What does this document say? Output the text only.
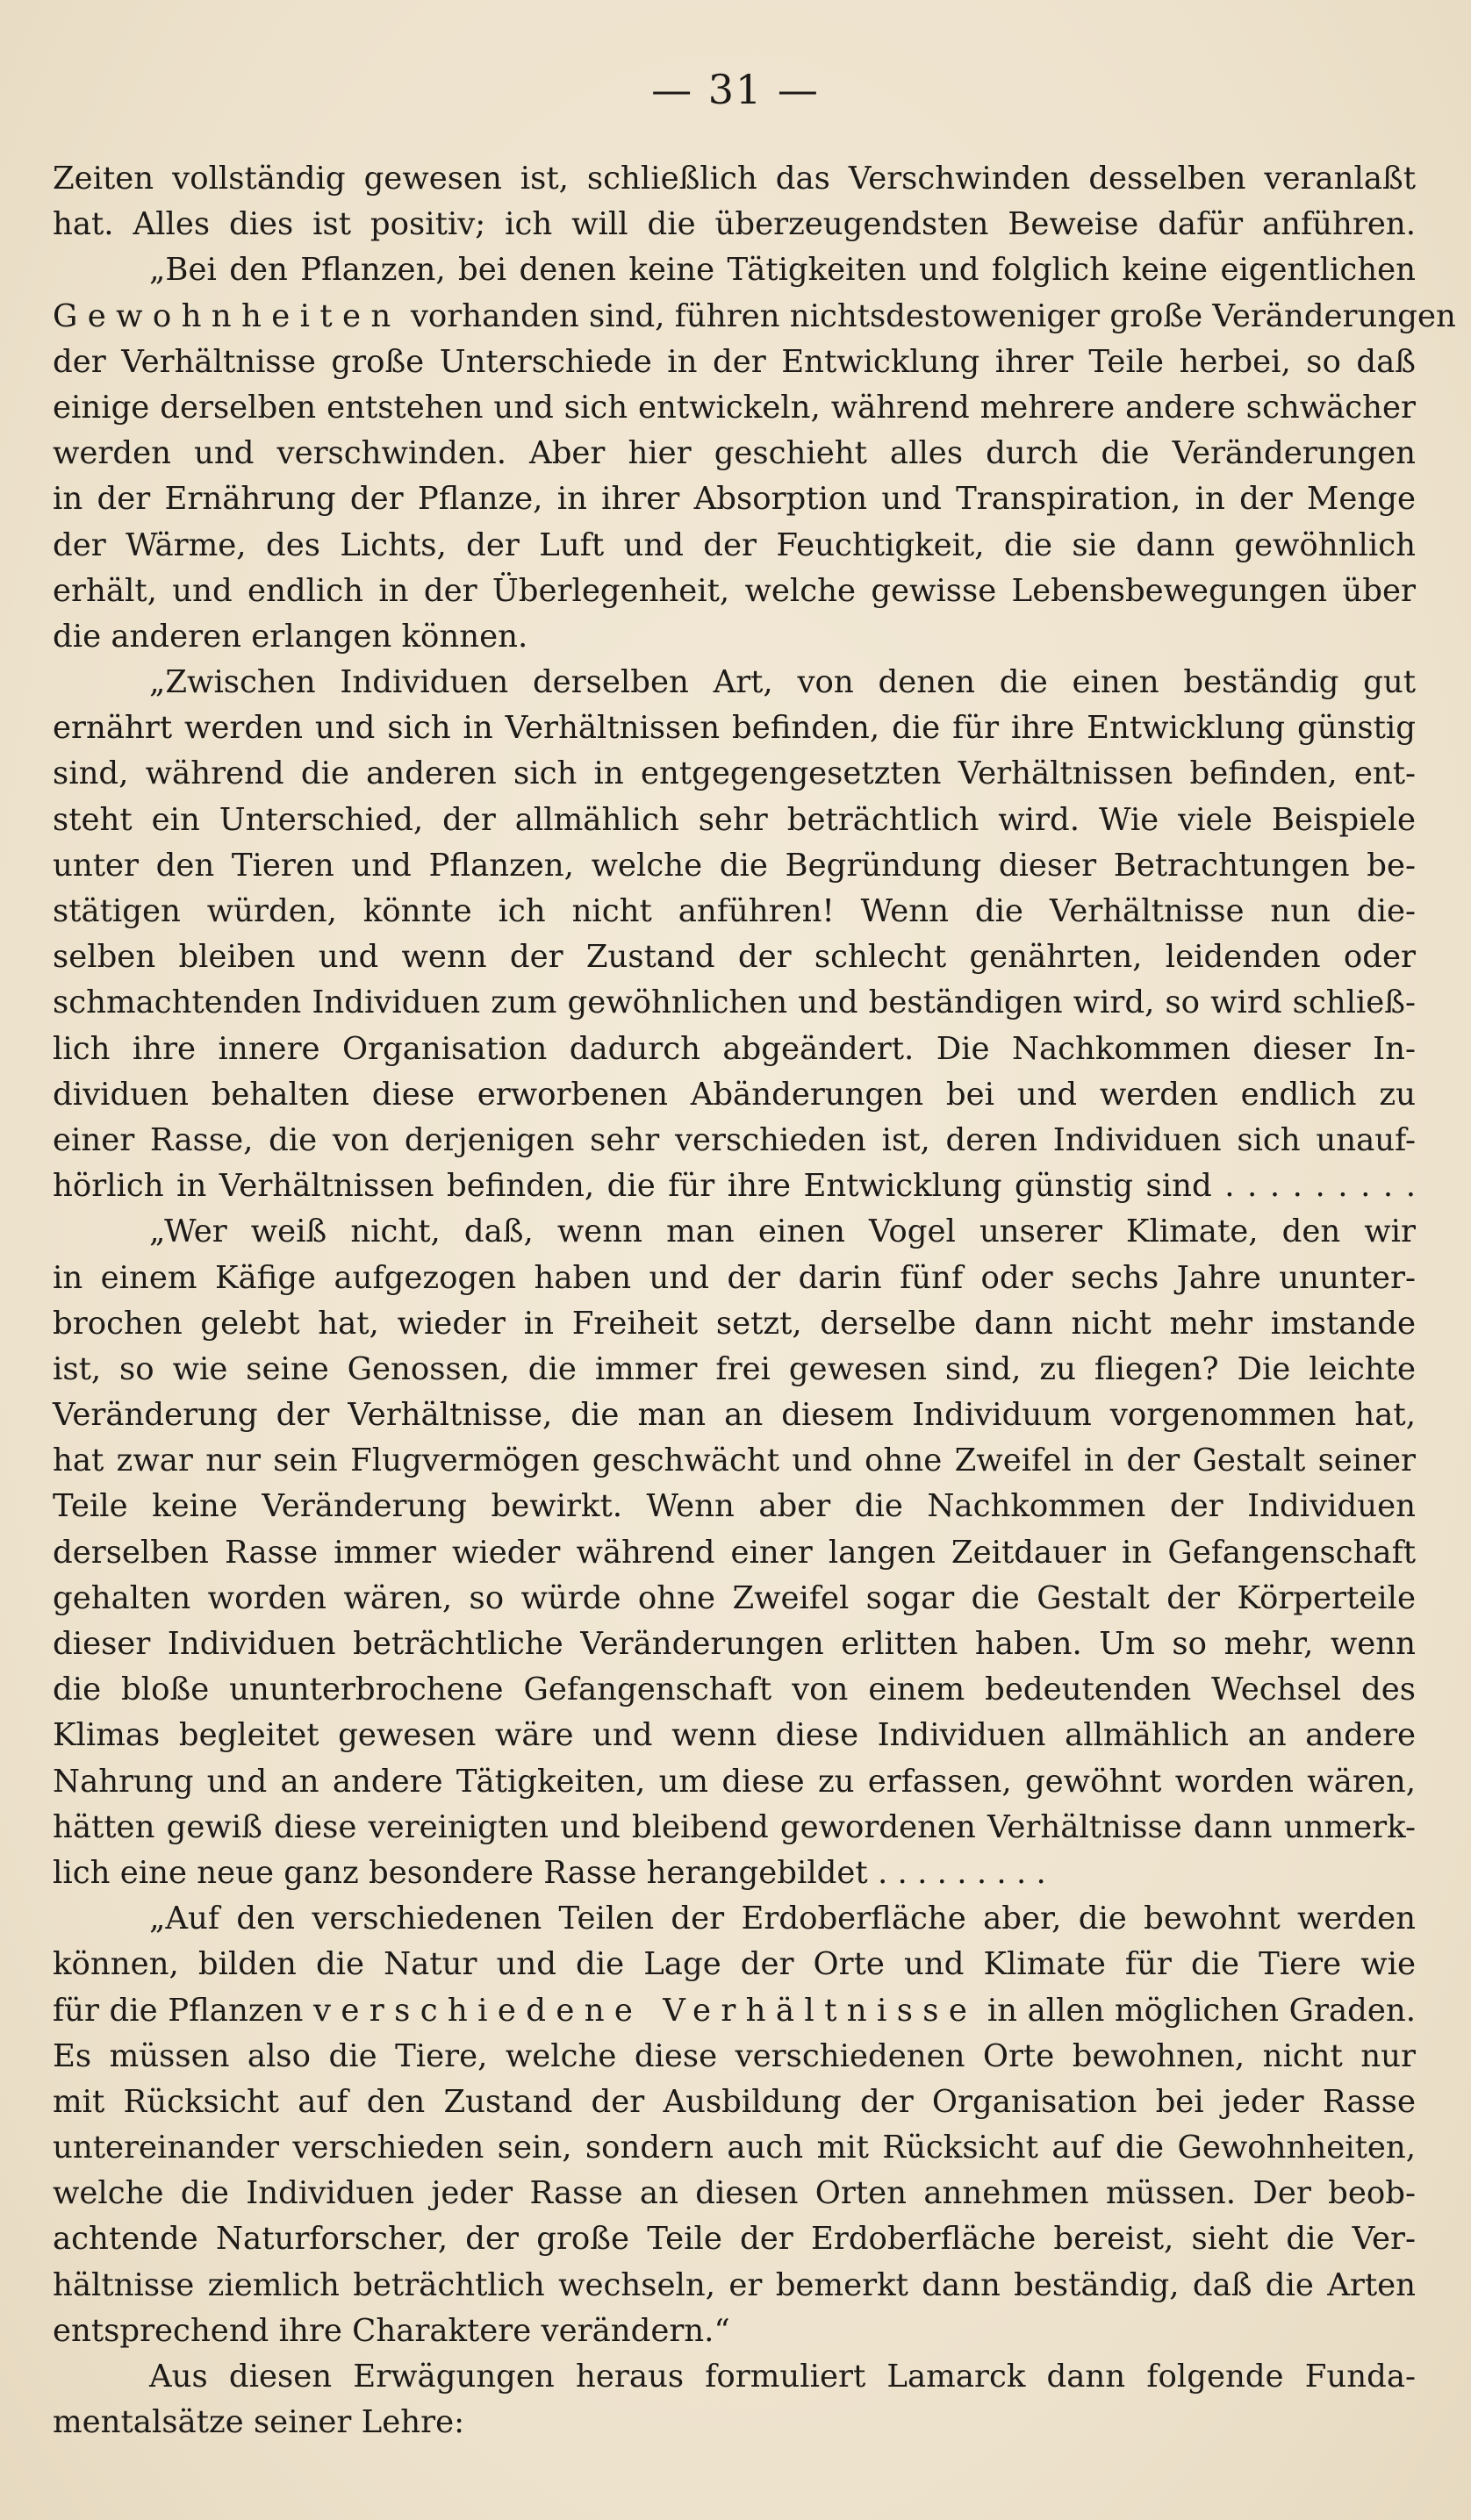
— 31 —
Zeiten vollständig gewesen ist, schließlich das Verschwinden desselben veranlaßt
hat. Alles dies ist positiv; ich will die überzeugendsten Beweise dafür anführen.
„Bei den Pflanzen, bei denen keine Tätigkeiten und folglich keine eigentlichen
Gewohnheiten vorhanden sind, führen nichtsdestoweniger große Veränderungen
der Verhältnisse große Unterschiede in der Entwicklung ihrer Teile herbei, so daß
einige derselben entstehen und sich entwickeln, während mehrere andere schwächer
werden und verschwinden. Aber hier geschieht alles durch die Veränderungen
in der Ernährung der Pflanze, in ihrer Absorption und Transpiration, in der Menge
der Wärme, des Lichts, der Luft und der Feuchtigkeit, die sie dann gewöhnlich
erhält, und endlich in der Überlegenheit, welche gewisse Lebensbewegungen über
die anderen erlangen können.
„Zwischen Individuen derselben Art, von denen die einen beständig gut
ernährt werden und sich in Verhältnissen befinden, die für ihre Entwicklung günstig
sind, während die anderen sich in entgegengesetzten Verhältnissen befinden, ent-
steht ein Unterschied, der allmählich sehr beträchtlich wird. Wie viele Beispiele
unter den Tieren und Pflanzen, welche die Begründung dieser Betrachtungen be-
stätigen würden, könnte ich nicht anführen! Wenn die Verhältnisse nun die-
selben bleiben und wenn der Zustand der schlecht genährten, leidenden oder
schmachtenden Individuen zum gewöhnlichen und beständigen wird, so wird schließ-
lich ihre innere Organisation dadurch abgeändert. Die Nachkommen dieser In-
dividuen behalten diese erworbenen Abänderungen bei und werden endlich zu
einer Rasse, die von derjenigen sehr verschieden ist, deren Individuen sich unauf-
hörlich in Verhältnissen befinden, die für ihre Entwicklung günstig sind . . . . . . . . .
„Wer weiß nicht, daß, wenn man einen Vogel unserer Klimate, den wir
in einem Käfige aufgezogen haben und der darin fünf oder sechs Jahre ununter-
brochen gelebt hat, wieder in Freiheit setzt, derselbe dann nicht mehr imstande
ist, so wie seine Genossen, die immer frei gewesen sind, zu fliegen? Die leichte
Veränderung der Verhältnisse, die man an diesem Individuum vorgenommen hat,
hat zwar nur sein Flugvermögen geschwächt und ohne Zweifel in der Gestalt seiner
Teile keine Veränderung bewirkt. Wenn aber die Nachkommen der Individuen
derselben Rasse immer wieder während einer langen Zeitdauer in Gefangenschaft
gehalten worden wären, so würde ohne Zweifel sogar die Gestalt der Körperteile
dieser Individuen beträchtliche Veränderungen erlitten haben. Um so mehr, wenn
die bloße ununterbrochene Gefangenschaft von einem bedeutenden Wechsel des
Klimas begleitet gewesen wäre und wenn diese Individuen allmählich an andere
Nahrung und an andere Tätigkeiten, um diese zu erfassen, gewöhnt worden wären,
hätten gewiß diese vereinigten und bleibend gewordenen Verhältnisse dann unmerk-
lich eine neue ganz besondere Rasse herangebildet . . . . . . . . .
„Auf den verschiedenen Teilen der Erdoberfläche aber, die bewohnt werden
können, bilden die Natur und die Lage der Orte und Klimate für die Tiere wie
für die Pflanzen verschiedene Verhältnisse in allen möglichen Graden.
Es müssen also die Tiere, welche diese verschiedenen Orte bewohnen, nicht nur
mit Rücksicht auf den Zustand der Ausbildung der Organisation bei jeder Rasse
untereinander verschieden sein, sondern auch mit Rücksicht auf die Gewohnheiten,
welche die Individuen jeder Rasse an diesen Orten annehmen müssen. Der beob-
achtende Naturforscher, der große Teile der Erdoberfläche bereist, sieht die Ver-
hältnisse ziemlich beträchtlich wechseln, er bemerkt dann beständig, daß die Arten
entsprechend ihre Charaktere verändern.“
Aus diesen Erwägungen heraus formuliert Lamarck dann folgende Funda-
mentalsätze seiner Lehre:
